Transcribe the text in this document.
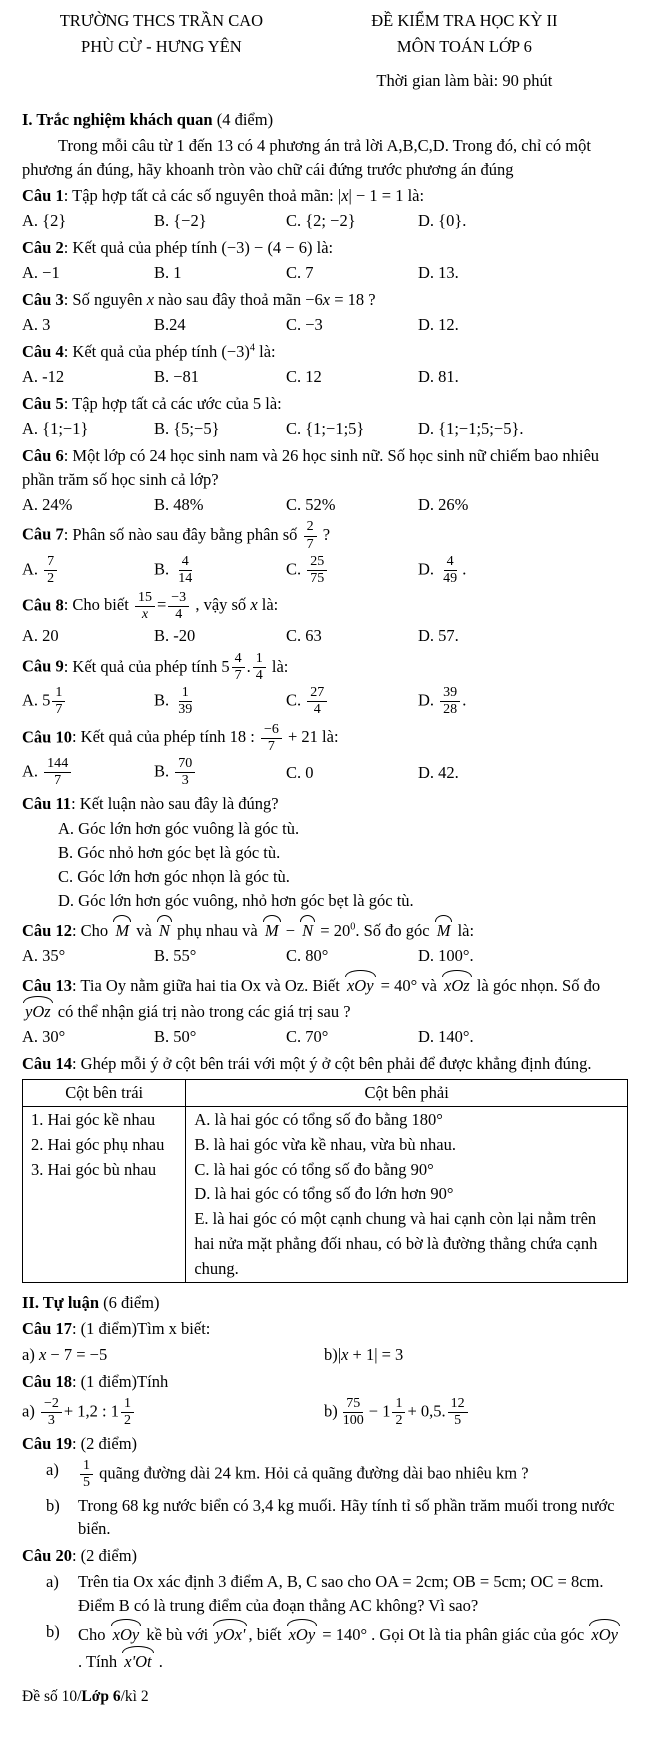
TRƯỜNG THCS TRẦN CAO
PHÙ CỪ - HƯNG YÊN
ĐỀ KIỂM TRA HỌC KỲ II
MÔN TOÁN LỚP 6
Thời gian làm bài: 90 phút

I. Trắc nghiệm khách quan (4 điểm)

Trong mỗi câu từ 1 đến 13 có 4 phương án trả lời A,B,C,D. Trong đó, chỉ có một phương án đúng, hãy khoanh tròn vào chữ cái đứng trước phương án đúng

Câu 1: Tập hợp tất cả các số nguyên thoả mãn: |x| − 1 = 1 là:

A. {2}	B. {−2}	C. {2; −2}	D. {0}.

Câu 2: Kết quả của phép tính (−3) − (4 − 6) là:

A. −1	B. 1	C. 7	D. 13.

Câu 3: Số nguyên x nào sau đây thoả mãn −6x = 18 ?

A. 3	B.24	C. −3	D. 12.

Câu 4: Kết quả của phép tính $(-3)^4$ là:

A. -12	B. −81	C. 12	D. 81.

Câu 5: Tập hợp tất cả các ước của 5 là:

A. {1;−1}	B. {5;−5}	C. {1;−1;5}	D. {1;−1;5;−5}.

Câu 6: Một lớp có 24 học sinh nam và 26 học sinh nữ. Số học sinh nữ chiếm bao nhiêu phần trăm số học sinh cả lớp?

A. 24%	B. 48%	C. 52%	D. 26%

Câu 7: Phân số nào sau đây bằng phân số $\frac{2}{7}$ ?

A. $\frac{7}{2}$	B. $\frac{4}{14}$	C. $\frac{25}{75}$	D. $\frac{4}{49}$ .

Câu 8: Cho biết $\frac{15}{x} = \frac{-3}{4}$ , vậy số x là:

A. 20	B. -20	C. 63	D. 57.

Câu 9: Kết quả của phép tính $5 \frac{4}{7}$ . $\frac{1}{4}$ là:

A. $5 \frac{1}{7}$	B. $\frac{1}{39}$	C. $\frac{27}{4}$	D. $\frac{39}{28}$ .

Câu 10: Kết quả của phép tính 18 : $\frac{-6}{7} + 21$ là:

A. $\frac{144}{7}$	B. $\frac{70}{3}$	C. 0	D. 42.

Câu 11: Kết luận nào sau đây là đúng?

A. Góc lớn hơn góc vuông là góc tù.
B. Góc nhỏ hơn góc bẹt là góc tù.
C. Góc lớn hơn góc nhọn là góc tù.
D. Góc lớn hơn góc vuông, nhỏ hơn góc bẹt là góc tù.

Câu 12: Cho M và N phụ nhau và $M - N = 20^0$. Số đo góc M là:

A. 35°	B. 55°	C. 80°	D. 100°.

Câu 13: Tia Oy nằm giữa hai tia Ox và Oz. Biết xOy = 40° và xOz là góc nhọn. Số đo yOz có thể nhận giá trị nào trong các giá trị sau ?

A. 30°	B. 50°	C. 70°	D. 140°.

Câu 14: Ghép mỗi ý ở cột bên trái với một ý ở cột bên phải để được khẳng định đúng.

Cột bên trái	Cột bên phải

1. Hai góc kề nhau
2. Hai góc phụ nhau
3. Hai góc bù nhau

A. là hai góc có tổng số đo bằng 180°
B. là hai góc vừa kề nhau, vừa bù nhau.
C. là hai góc có tổng số đo bằng 90°
D. là hai góc có tổng số đo lớn hơn 90°
E. là hai góc có một cạnh chung và hai cạnh còn lại nằm trên hai nửa mặt phẳng đối nhau, có bờ là đường thẳng chứa cạnh chung.

II. Tự luận (6 điểm)

Câu 17: (1 điểm)Tìm x biết:

a) x − 7 = −5	b)|x + 1| = 3

Câu 18: (1 điểm)Tính

$a) \frac{-2}{3} + 1,2$ : $1 \frac{1}{2}$	$b) \frac{75}{100} - 1 \frac{1}{2} + 0,5$. $\frac{12}{5}$

Câu 19: (2 điểm)

a)	$\frac{1}{5}$ quãng đường dài 24 km. Hỏi cả quãng đường dài bao nhiêu km ?
b)	Trong 68 kg nước biển có 3,4 kg muối. Hãy tính tỉ số phần trăm muối trong nước biển.

Câu 20: (2 điểm)

a)	Trên tia Ox xác định 3 điểm A, B, C sao cho OA = 2cm; OB = 5cm; OC = 8cm. Điểm B có là trung điểm của đoạn thẳng AC không? Vì sao?
b)	Cho xOy kề bù với yOx' , biết xOy = 140° . Gọi Ot là tia phân giác của góc xOy . Tính x'Ot .

Đề số 10/Lớp 6/kì 2
